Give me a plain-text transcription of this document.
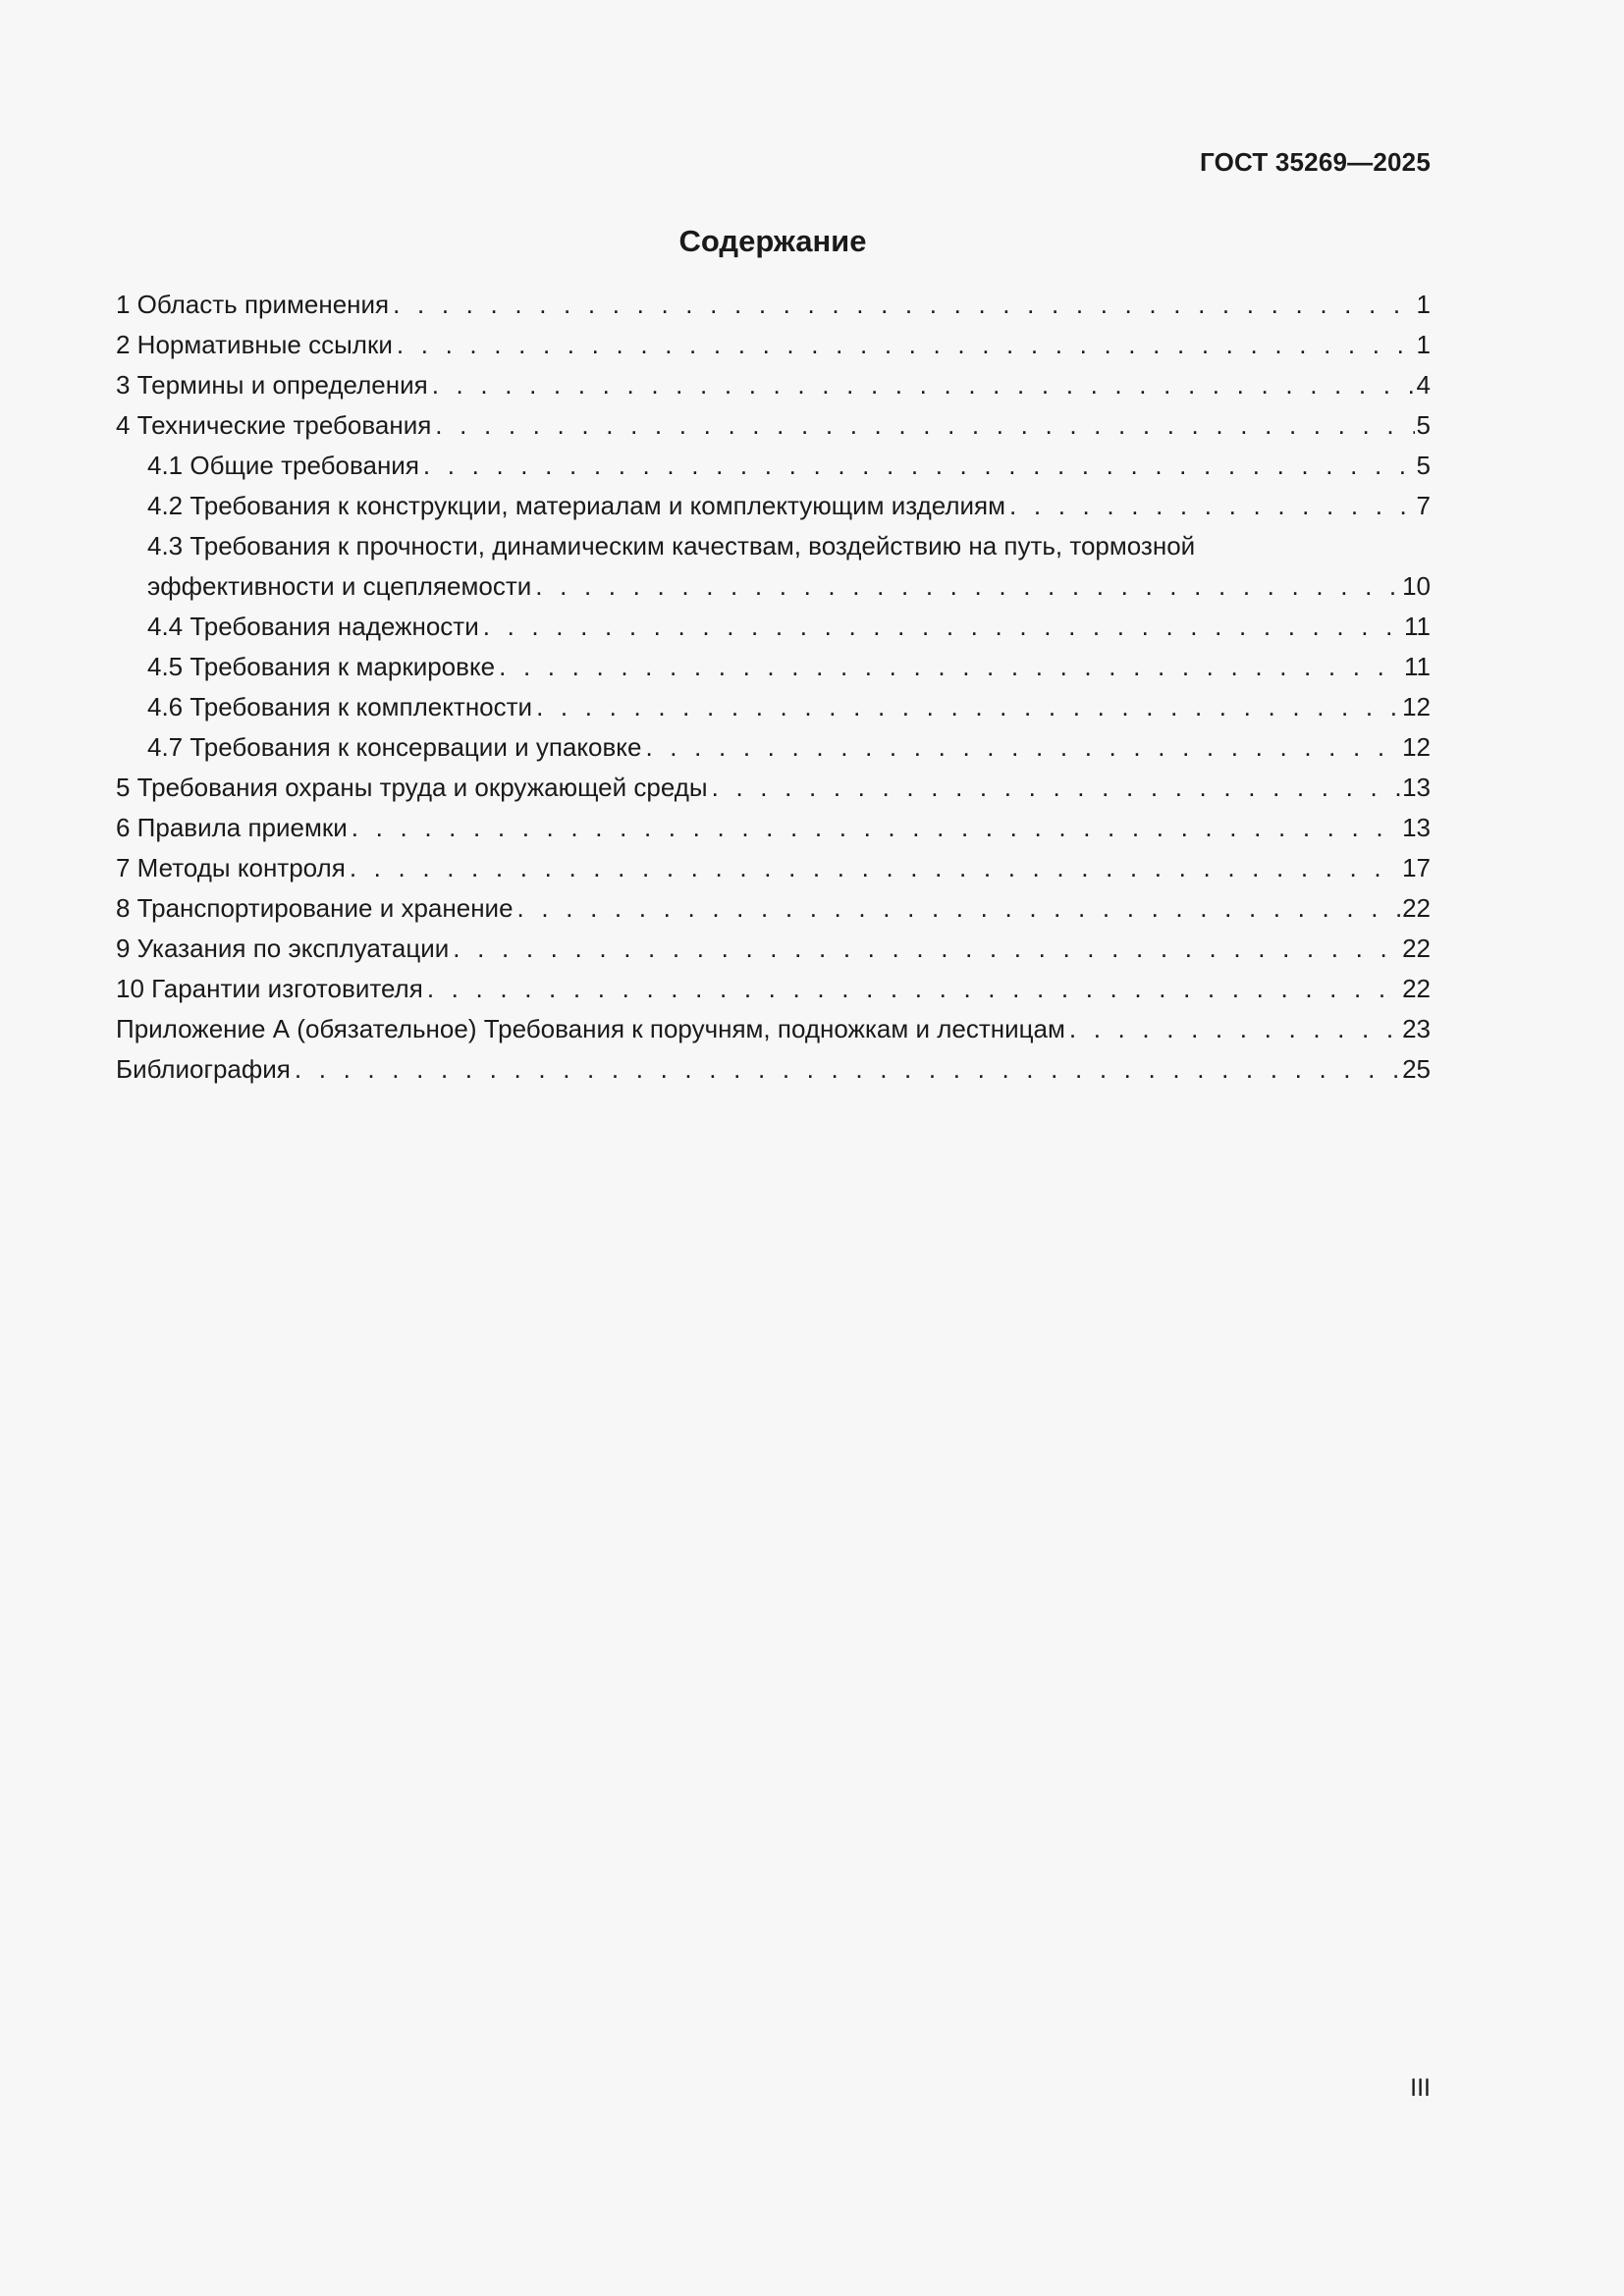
ГОСТ 35269—2025
Содержание
1 Область применения . . .	1
2 Нормативные ссылки . . .	1
3 Термины и определения . . .	4
4 Технические требования . . .	5
4.1 Общие требования . . .	5
4.2 Требования к конструкции, материалам и комплектующим изделиям . . .	7
4.3 Требования к прочности, динамическим качествам, воздействию на путь, тормозной
эффективности и сцепляемости . . .	10
4.4 Требования надежности . . .	11
4.5 Требования к маркировке . . .	11
4.6 Требования к комплектности . . .	12
4.7 Требования к консервации и упаковке . . .	12
5 Требования охраны труда и окружающей среды . . .	13
6 Правила приемки . . .	13
7 Методы контроля . . .	17
8 Транспортирование и хранение . . .	22
9 Указания по эксплуатации . . .	22
10 Гарантии изготовителя . . .	22
Приложение А (обязательное) Требования к поручням, подножкам и лестницам . . .	23
Библиография . . .	25
III
